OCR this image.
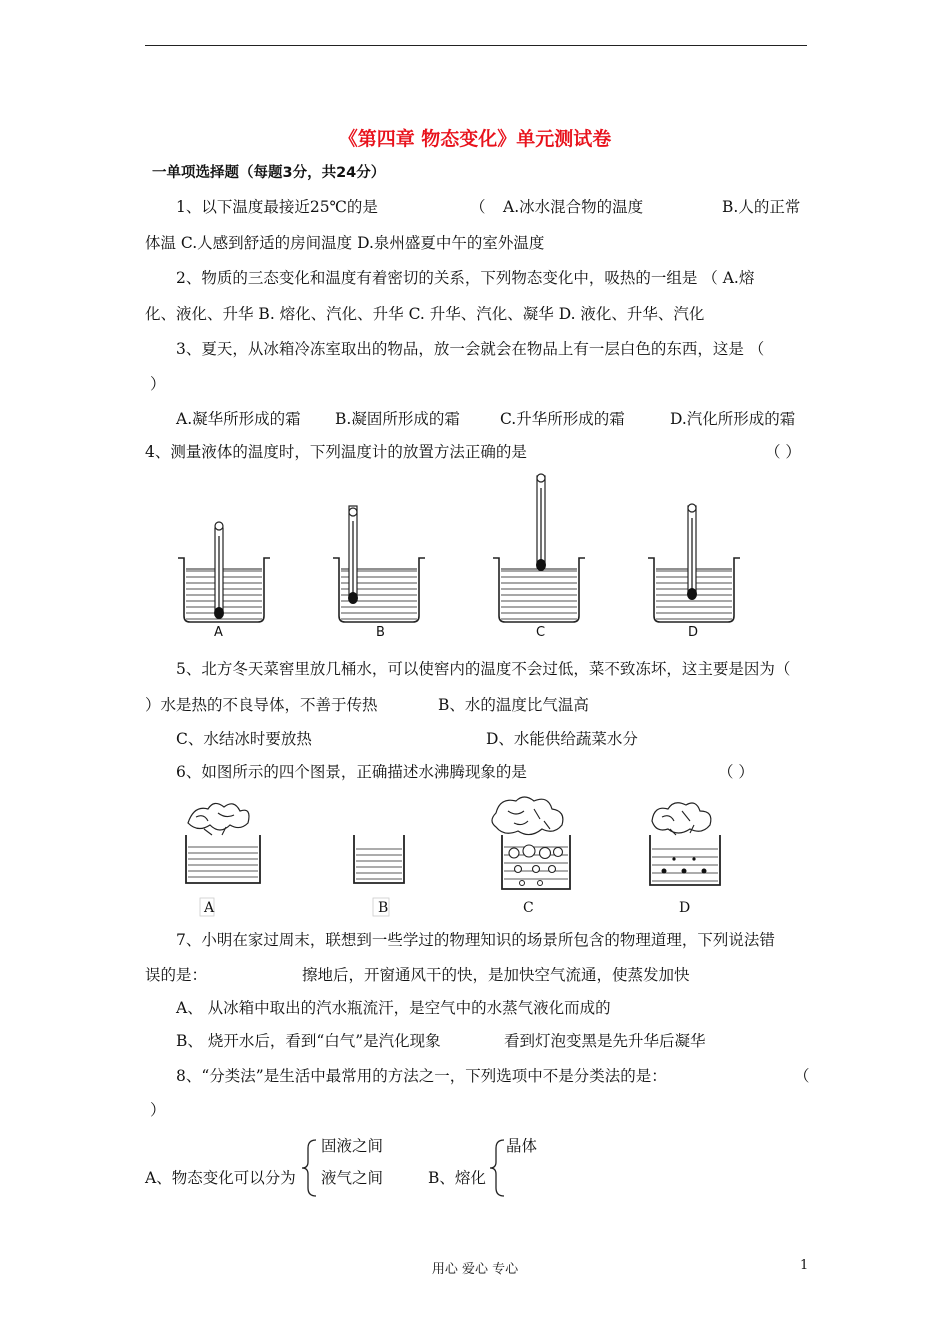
《第四章 物态变化》单元测试卷
一单项选择题（每题3分，共24分）
1、以下温度最接近25℃的是	（ A.冰水混合物的温度	B.人的正常
体温 C.人感到舒适的房间温度 D.泉州盛夏中午的室外温度
2、物质的三态变化和温度有着密切的关系，下列物态变化中，吸热的一组是 （ A.熔
化、液化、升华 B. 熔化、汽化、升华 C. 升华、汽化、凝华 D. 液化、升华、汽化
3、夏天，从冰箱冷冻室取出的物品，放一会就会在物品上有一层白色的东西，这是 （
）
A.凝华所形成的霜 B.凝固所形成的霜	C.升华所形成的霜	D.汽化所形成的霜
4、测量液体的温度时，下列温度计的放置方法正确的是	（ ）
A	B	C	D
5、北方冬天菜窖里放几桶水，可以使窖内的温度不会过低，菜不致冻坏，这主要是因为（
）水是热的不良导体，不善于传热	B、水的温度比气温高
C、水结冰时要放热	D、水能供给蔬菜水分
6、如图所示的四个图景，正确描述水沸腾现象的是	（ ）
A	B	C	D
7、小明在家过周末，联想到一些学过的物理知识的场景所包含的物理道理，下列说法错
误的是：	擦地后，开窗通风干的快，是加快空气流通，使蒸发加快
A、 从冰箱中取出的汽水瓶流汗，是空气中的水蒸气液化而成的
B、 烧开水后，看到“白气”是汽化现象	看到灯泡变黑是先升华后凝华
8、“分类法”是生活中最常用的方法之一，下列选项中不是分类法的是：	（
）
A、物态变化可以分为
固液之间
液气之间	B、熔化
晶体
用心 爱心 专心	1
